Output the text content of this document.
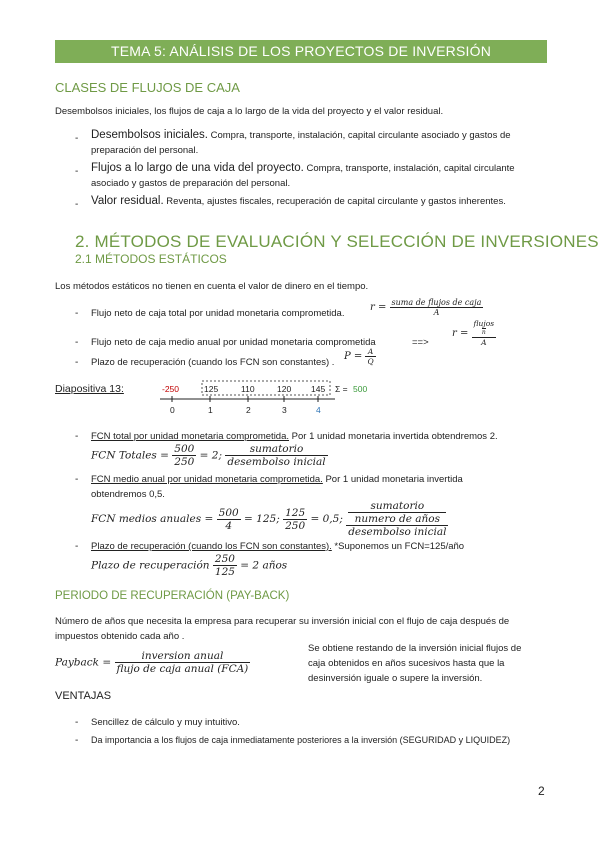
TEMA 5: ANÁLISIS DE LOS PROYECTOS DE INVERSIÓN
CLASES DE FLUJOS DE CAJA
Desembolsos iniciales, los flujos de caja a lo largo de la vida del proyecto y el valor residual.
- Desembolsos iniciales. Compra, transporte, instalación, capital circulante asociado y gastos de
preparación del personal.
- Flujos a lo largo de una vida del proyecto. Compra, transporte, instalación, capital circulante
asociado y gastos de preparación del personal.
- Valor residual. Reventa, ajustes fiscales, recuperación de capital circulante y gastos inherentes.
2. MÉTODOS DE EVALUACIÓN Y SELECCIÓN DE INVERSIONES
2.1 MÉTODOS ESTÁTICOS
Los métodos estáticos no tienen en cuenta el valor de dinero en el tiempo.
- Flujo neto de caja total por unidad monetaria comprometida.
$r = \frac{\text{suma de flujos de caja}}{A}$
- Flujo neto de caja medio anual por unidad monetaria comprometida	==>
r =
flujos
n
A
- Plazo de recuperación (cuando los FCN son constantes) .
$P = \frac{A}{Q}$
Diapositiva 13:	-250	125	110	120 145 Σ = 500
0	1	2	3	4
- FCN total por unidad monetaria comprometida. Por 1 unidad monetaria invertida obtendremos 2.
FCN Totales = $\frac{500}{250} = 2$; $\frac{\text{sumatorio}}{\text{desembolso inicial}}$
- FCN medio anual por unidad monetaria comprometida. Por 1 unidad monetaria invertida
obtendremos 0,5.
FCN medios anuales = $\frac{500}{4} = 125$; $\frac{125}{250} = 0,5$; sumatorio
numero de años
desembolso inicial
- Plazo de recuperación (cuando los FCN son constantes). *Suponemos un FCN=125/año
Plazo de recuperación $\frac{250}{125} = 2$ años
PERIODO DE RECUPERACIÓN (PAY-BACK)
Número de años que necesita la empresa para recuperar su inversión inicial con el flujo de caja después de
impuestos obtenido cada año .
Payback = $\frac{\text{inversion anual}}{\text{flujo de caja anual (FCA)}}$
Se obtiene restando de la inversión inicial flujos de
caja obtenidos en años sucesivos hasta que la
desinversión iguale o supere la inversión.
VENTAJAS
- Sencillez de cálculo y muy intuitivo.
- Da importancia a los flujos de caja inmediatamente posteriores a la inversión (SEGURIDAD y LIQUIDEZ)
2
